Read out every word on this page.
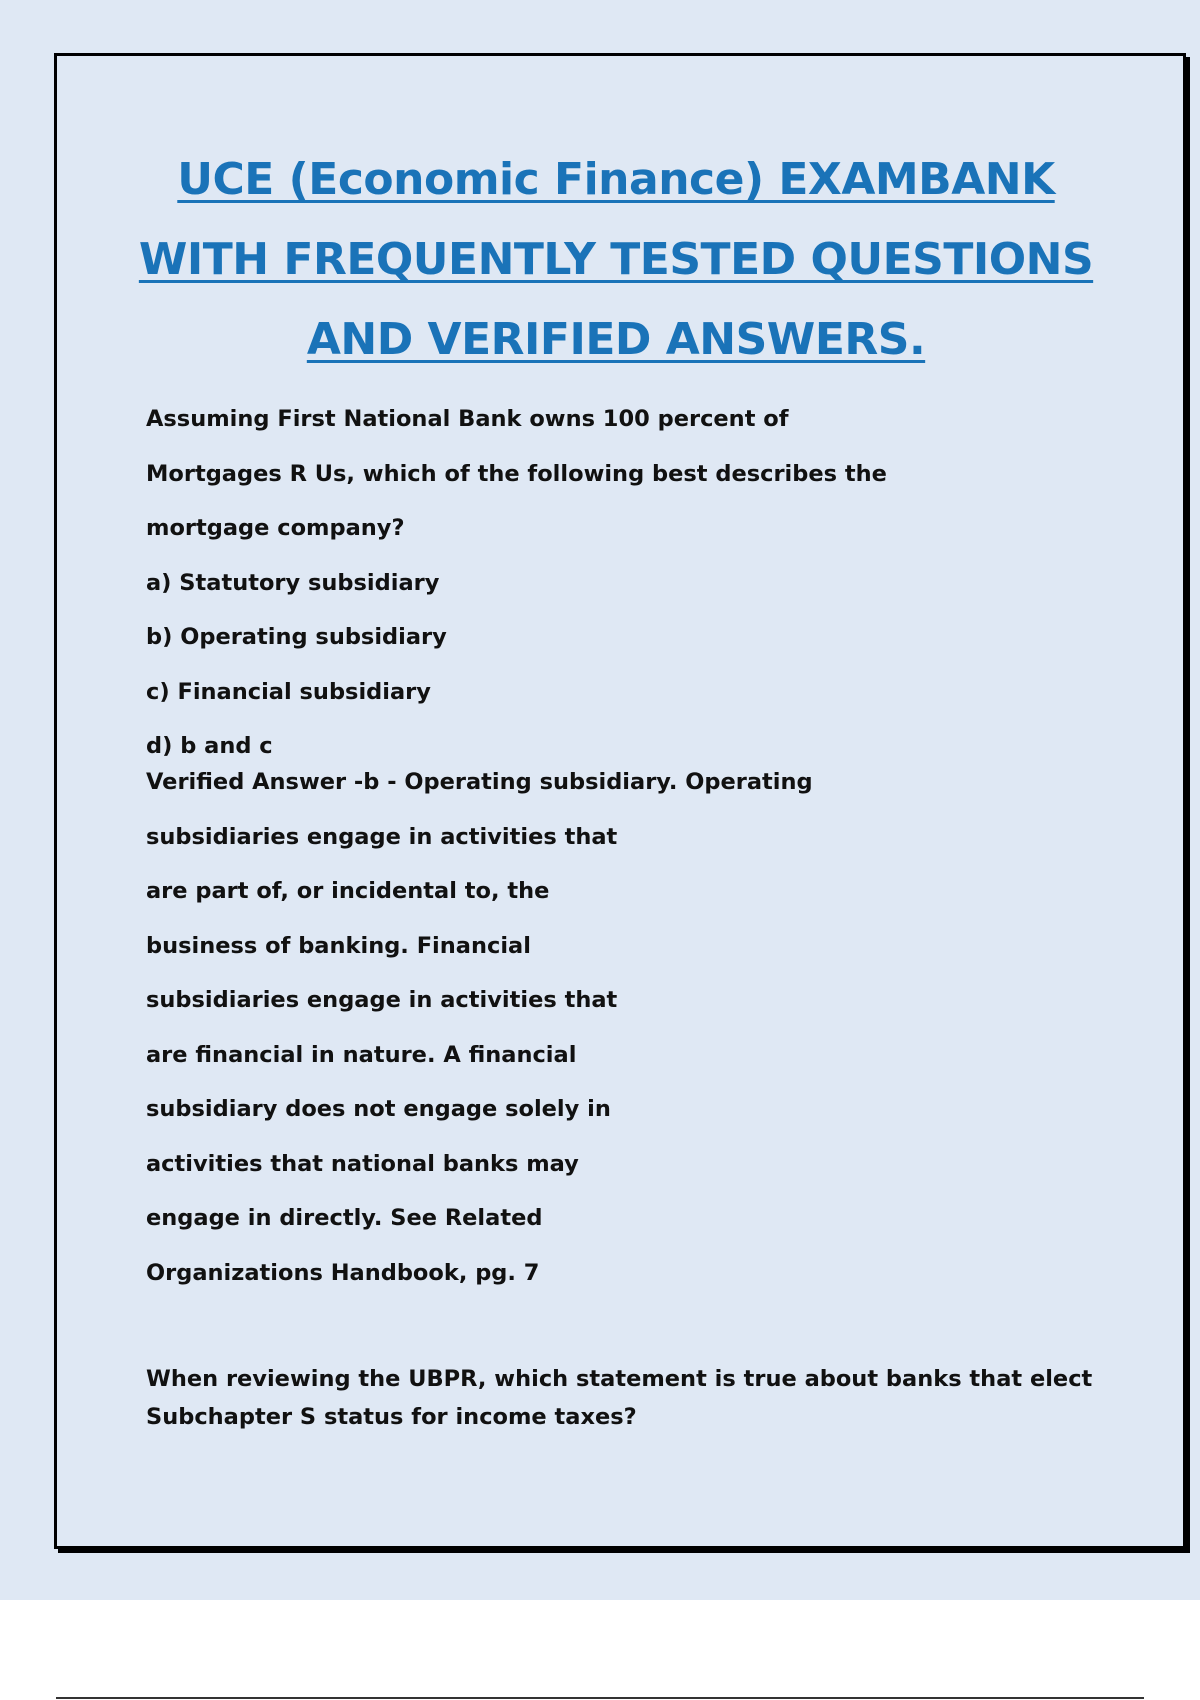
UCE (Economic Finance) EXAMBANK
WITH FREQUENTLY TESTED QUESTIONS
AND VERIFIED ANSWERS.
Assuming First National Bank owns 100 percent of
Mortgages R Us, which of the following best describes the
mortgage company?
a) Statutory subsidiary
b) Operating subsidiary
c) Financial subsidiary
d) b and c
Verified Answer -b - Operating subsidiary. Operating
subsidiaries engage in activities that
are part of, or incidental to, the
business of banking. Financial
subsidiaries engage in activities that
are financial in nature. A financial
subsidiary does not engage solely in
activities that national banks may
engage in directly. See Related
Organizations Handbook, pg. 7
When reviewing the UBPR, which statement is true about banks that elect
Subchapter S status for income taxes?
